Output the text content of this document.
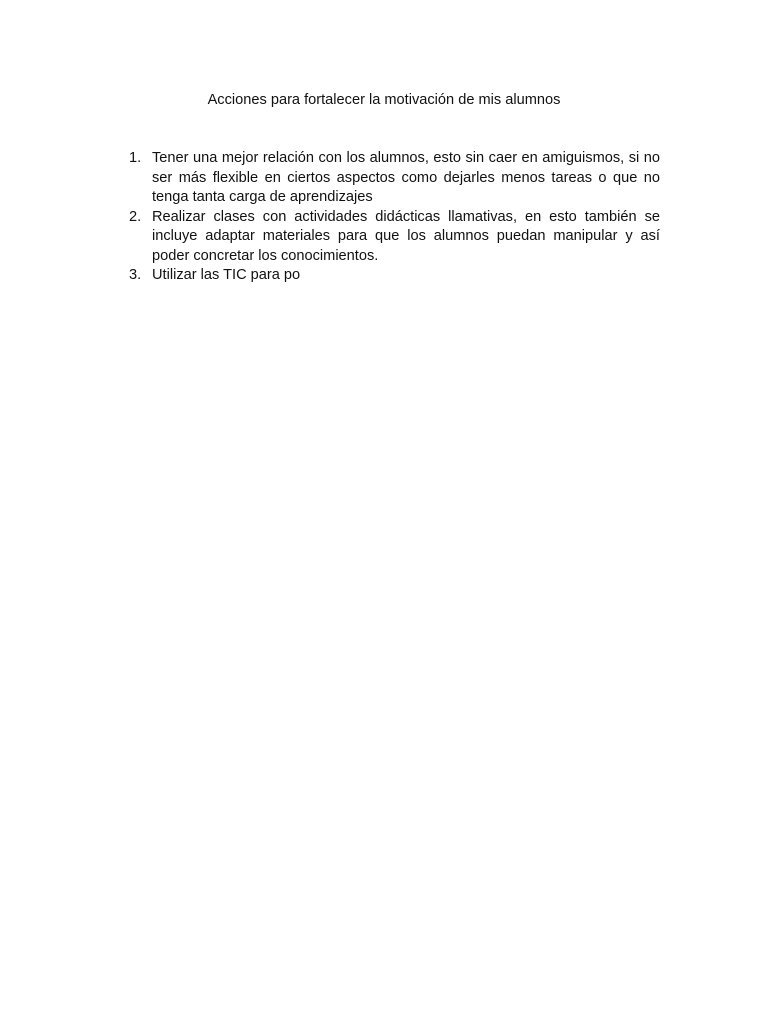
Acciones para fortalecer la motivación de mis alumnos
1. Tener una mejor relación con los alumnos, esto sin caer en amiguismos, si no ser más flexible en ciertos aspectos como dejarles menos tareas o que no tenga tanta carga de aprendizajes
2. Realizar clases con actividades didácticas llamativas, en esto también se incluye adaptar materiales para que los alumnos puedan manipular y así poder concretar los conocimientos.
3. Utilizar las TIC para po
